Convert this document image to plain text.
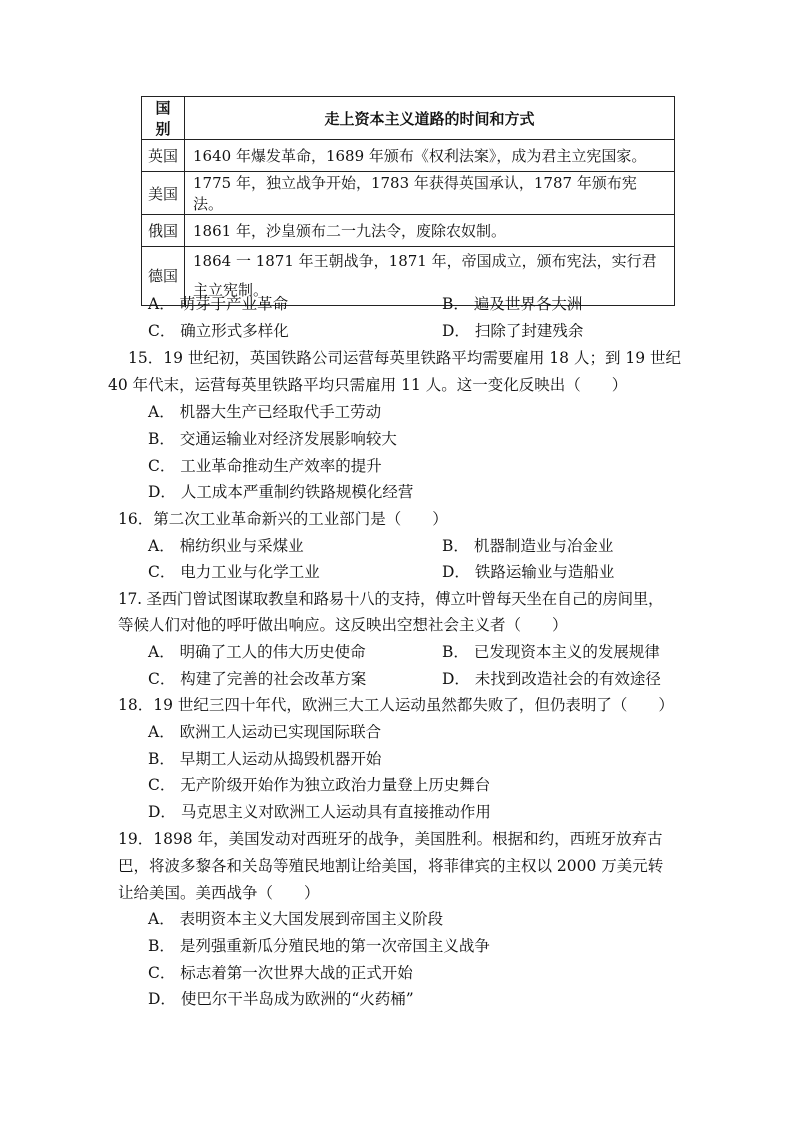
国别	走上资本主义道路的时间和方式
英国	1640 年爆发革命，1689 年颁布《权利法案》，成为君主立宪国家。
美国	1775 年，独立战争开始，1783 年获得英国承认，1787 年颁布宪法。
俄国	1861 年，沙皇颁布二一九法令，废除农奴制。
德国	1864 一 1871 年王朝战争，1871 年，帝国成立，颁布宪法，实行君主立宪制。
A． 萌芽于产业革命	B． 遍及世界各大洲
C． 确立形式多样化	D． 扫除了封建残余
15．19 世纪初，英国铁路公司运营每英里铁路平均需要雇用 18 人；到 19 世纪
40 年代末，运营每英里铁路平均只需雇用 11 人。这一变化反映出（　　）
A． 机器大生产已经取代手工劳动
B． 交通运输业对经济发展影响较大
C． 工业革命推动生产效率的提升
D． 人工成本严重制约铁路规模化经营
16．第二次工业革命新兴的工业部门是（　　）
A． 棉纺织业与采煤业	B． 机器制造业与冶金业
C． 电力工业与化学工业	D． 铁路运输业与造船业
17. 圣西门曾试图谋取教皇和路易十八的支持，傅立叶曾每天坐在自己的房间里，
等候人们对他的呼吁做出响应。这反映出空想社会主义者（　　）
A． 明确了工人的伟大历史使命	B． 已发现资本主义的发展规律
C． 构建了完善的社会改革方案	D． 未找到改造社会的有效途径
18．19 世纪三四十年代，欧洲三大工人运动虽然都失败了，但仍表明了（　　）
A． 欧洲工人运动已实现国际联合
B． 早期工人运动从捣毁机器开始
C． 无产阶级开始作为独立政治力量登上历史舞台
D． 马克思主义对欧洲工人运动具有直接推动作用
19．1898 年，美国发动对西班牙的战争，美国胜利。根据和约，西班牙放弃古
巴，将波多黎各和关岛等殖民地割让给美国，将菲律宾的主权以 2000 万美元转
让给美国。美西战争（　　）
A． 表明资本主义大国发展到帝国主义阶段
B． 是列强重新瓜分殖民地的第一次帝国主义战争
C． 标志着第一次世界大战的正式开始
D． 使巴尔干半岛成为欧洲的“火药桶”
